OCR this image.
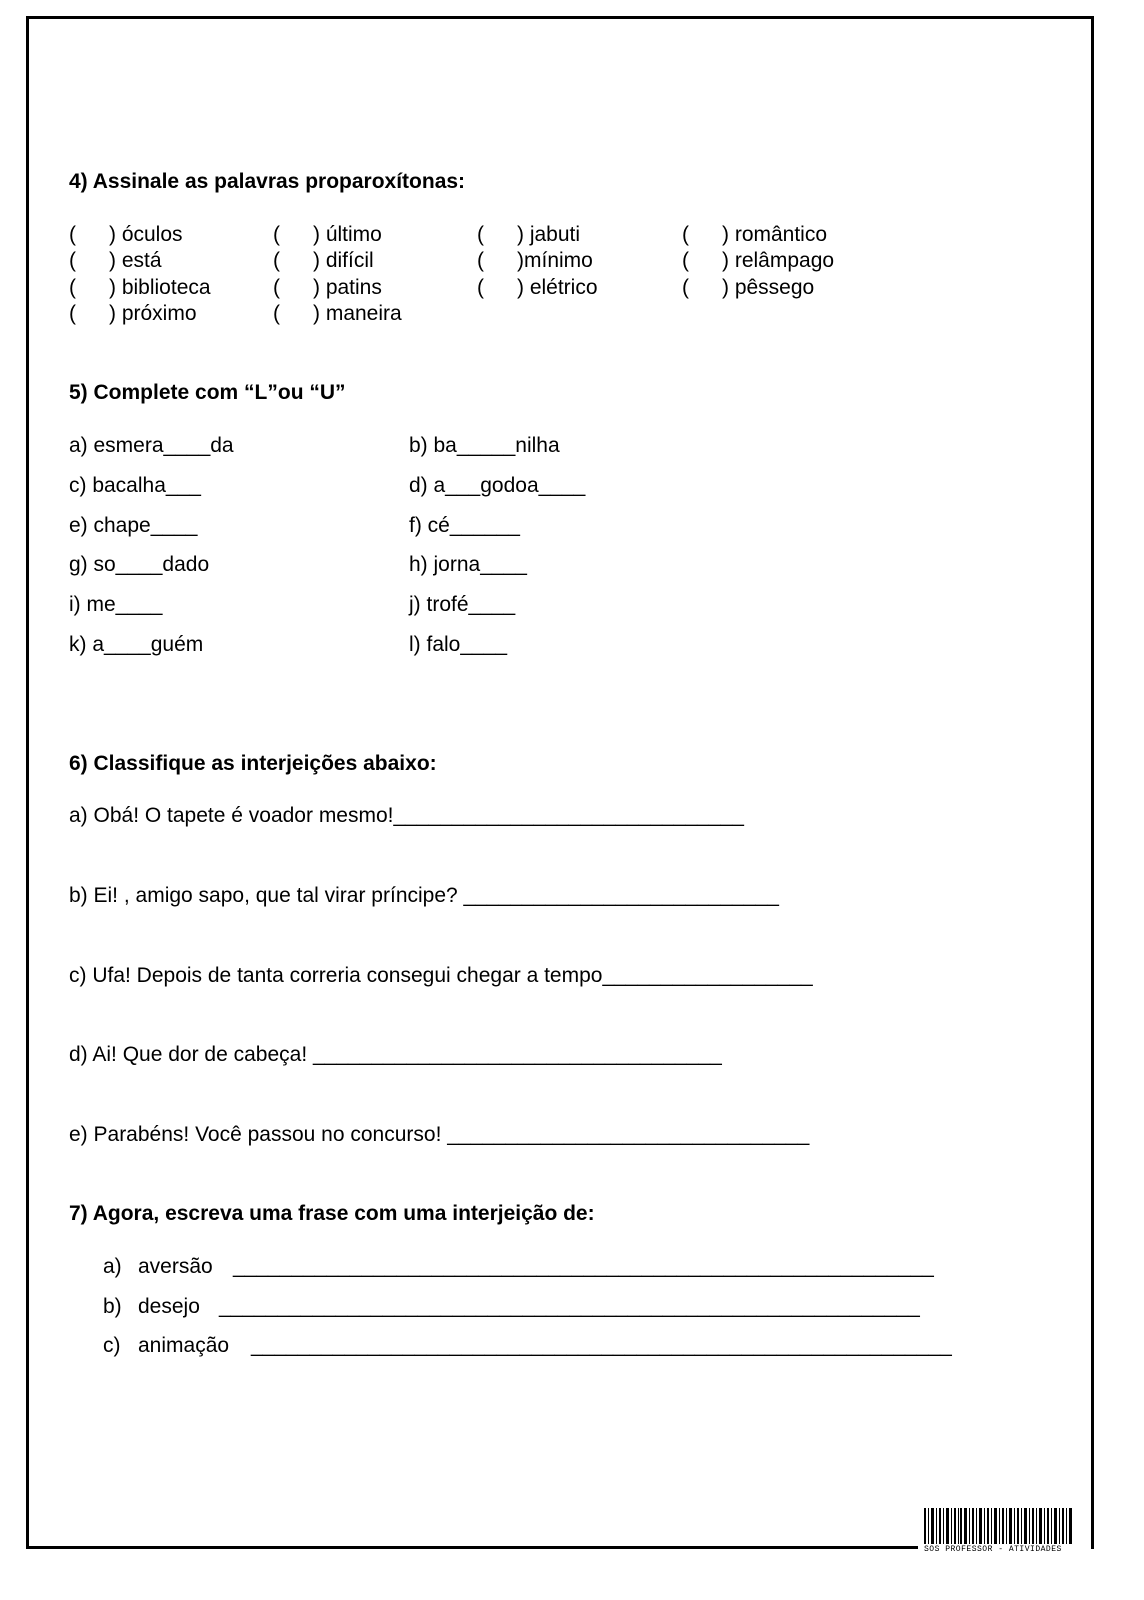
4) Assinale as palavras proparoxítonas:
( ) óculos
( ) está
( ) biblioteca
( ) próximo
( ) último
( ) difícil
( ) patins
( ) maneira
( ) jabuti
( )mínimo
( ) elétrico
( ) romântico
( ) relâmpago
( ) pêssego
5) Complete com “L”ou “U”
a) esmera____da
c) bacalha___
e) chape____
g) so____dado
i) me____
k) a____guém
b) ba_____nilha
d) a___godoa____
f) cé______
h) jorna____
j) trofé____
l) falo____
6) Classifique as interjeições abaixo:
a) Obá! O tapete é voador mesmo!______________________________
b) Ei! , amigo sapo, que tal virar príncipe? ___________________________
c) Ufa! Depois de tanta correria consegui chegar a tempo__________________
d) Ai! Que dor de cabeça! ___________________________________
e) Parabéns! Você passou no concurso! _______________________________
7) Agora, escreva uma frase com uma interjeição de:
a) aversão ____________________________________________________________
b) desejo ____________________________________________________________
c) animação ____________________________________________________________
SOS PROFESSOR - ATIVIDADES
